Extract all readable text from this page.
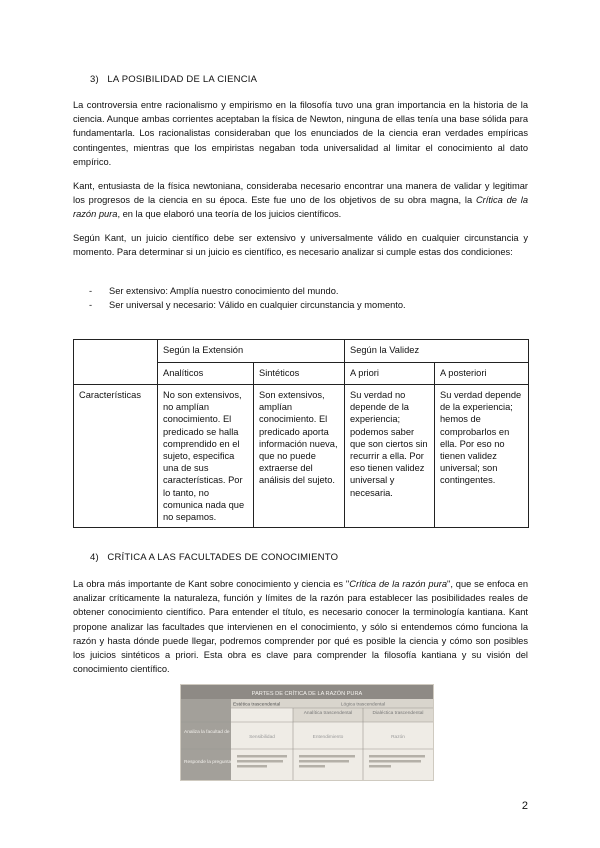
3) LA POSIBILIDAD DE LA CIENCIA

La controversia entre racionalismo y empirismo en la filosofía tuvo una gran importancia en la historia de la ciencia. Aunque ambas corrientes aceptaban la física de Newton, ninguna de ellas tenía una base sólida para fundamentarla. Los racionalistas consideraban que los enunciados de la ciencia eran verdades empíricas contingentes, mientras que los empiristas negaban toda universalidad al limitar el conocimiento al dato empírico.

Kant, entusiasta de la física newtoniana, consideraba necesario encontrar una manera de validar y legitimar los progresos de la ciencia en su época. Este fue uno de los objetivos de su obra magna, la Crítica de la razón pura, en la que elaboró una teoría de los juicios científicos.

Según Kant, un juicio científico debe ser extensivo y universalmente válido en cualquier circunstancia y momento. Para determinar si un juicio es científico, es necesario analizar si cumple estas dos condiciones:

- Ser extensivo: Amplía nuestro conocimiento del mundo.
- Ser universal y necesario: Válido en cualquier circunstancia y momento.
	Según la Extensión		Según la Validez	
	Analíticos	Sintéticos	A priori	A posteriori
Características	No son extensivos, no amplían conocimiento. El predicado se halla comprendido en el sujeto, especifica una de sus características. Por lo tanto, no comunica nada que no sepamos.	Son extensivos, amplían conocimiento. El predicado aporta información nueva, que no puede extraerse del análisis del sujeto.	Su verdad no depende de la experiencia; podemos saber que son ciertos sin recurrir a ella. Por eso tienen validez universal y necesaria.	Su verdad depende de la experiencia; hemos de comprobarlos en ella. Por eso no tienen validez universal; son contingentes.
4) CRÍTICA A LAS FACULTADES DE CONOCIMIENTO

La obra más importante de Kant sobre conocimiento y ciencia es "Crítica de la razón pura", que se enfoca en analizar críticamente la naturaleza, función y límites de la razón para establecer las posibilidades reales de obtener conocimiento científico. Para entender el título, es necesario conocer la terminología kantiana. Kant propone analizar las facultades que intervienen en el conocimiento, y sólo si entendemos cómo funciona la razón y hasta dónde puede llegar, podremos comprender por qué es posible la ciencia y cómo son posibles los juicios sintéticos a priori. Esta obra es clave para comprender la filosofía kantiana y su visión del conocimiento científico.

PARTES DE CRÍTICA DE LA RAZÓN PURA
Estética trascendental	Lógica trascendental
Analítica trascendental	Dialéctica trascendental
Analiza la facultad de
Sensibilidad	Entendimiento	Razón
Responde la pregunta
2
